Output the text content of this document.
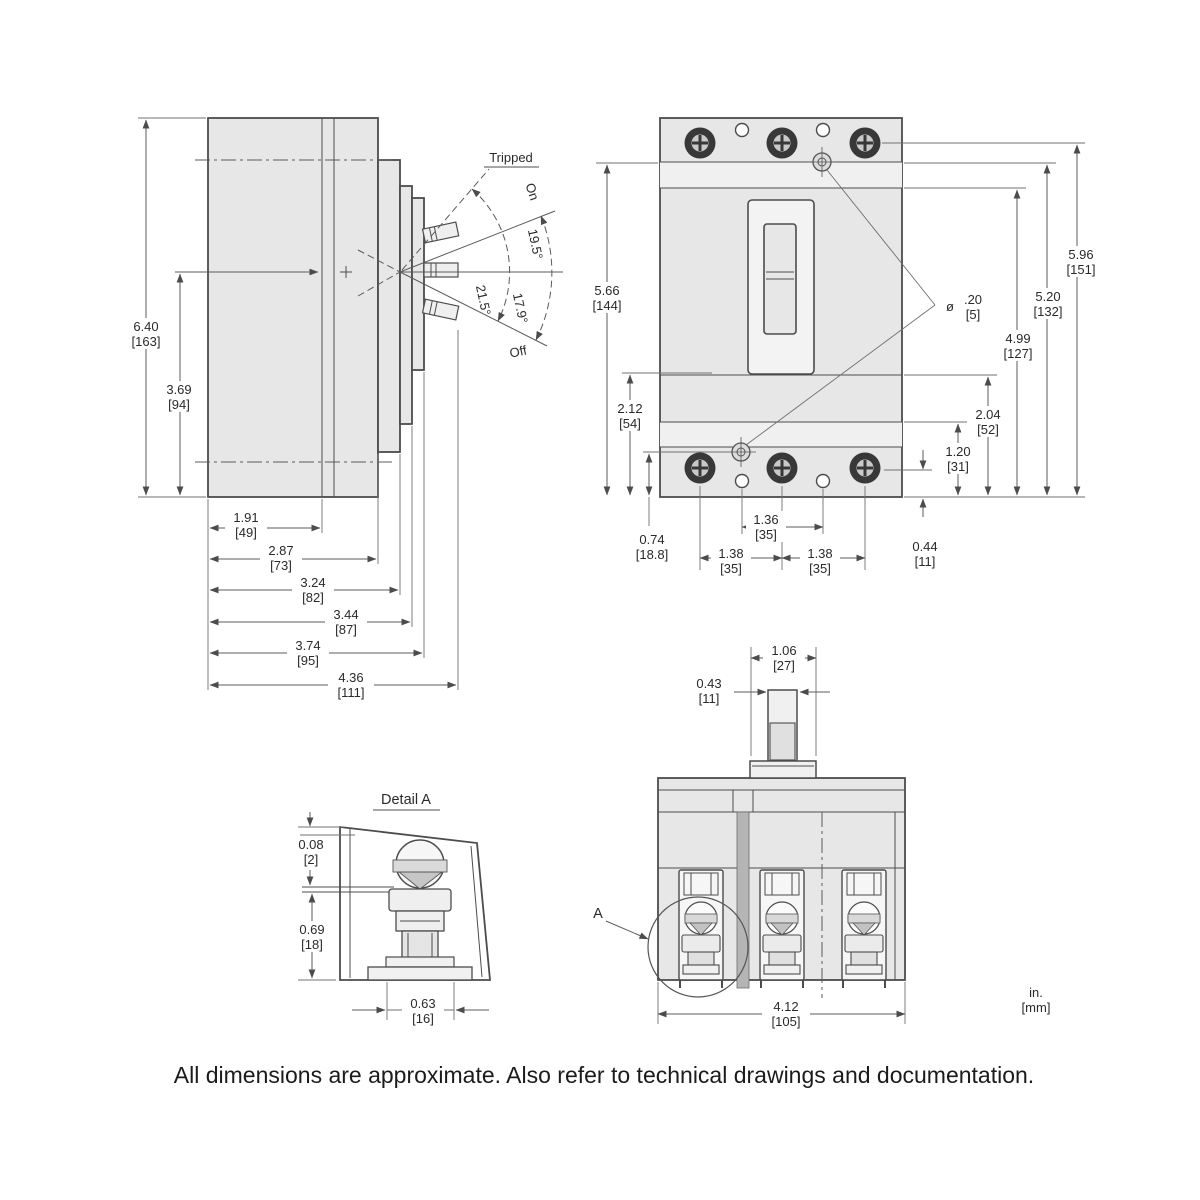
Tripped
On
Off
19.5°
21.5° 17.9°
6.40
[163]
3.69
[94]
1.91
[49]
2.87
[73]
3.24
[82]
3.44
[87]
3.74
[95]
4.36
[111]
ø .20
[5]
5.96
[151]
5.20
[132]
4.99
[127]
2.04
[52]
1.20
[31]
0.44
[11]
5.66
[144]
2.12
[54]
0.74
[18.8]
1.36
[35]
1.38
[35]
1.38
[35]
Detail A
0.08
[2]
0.69
[18]
0.63
[16]
A
1.06
[27]
0.43
[11]
4.12
[105]
in.
[mm]
All dimensions are approximate. Also refer to technical drawings and documentation.
